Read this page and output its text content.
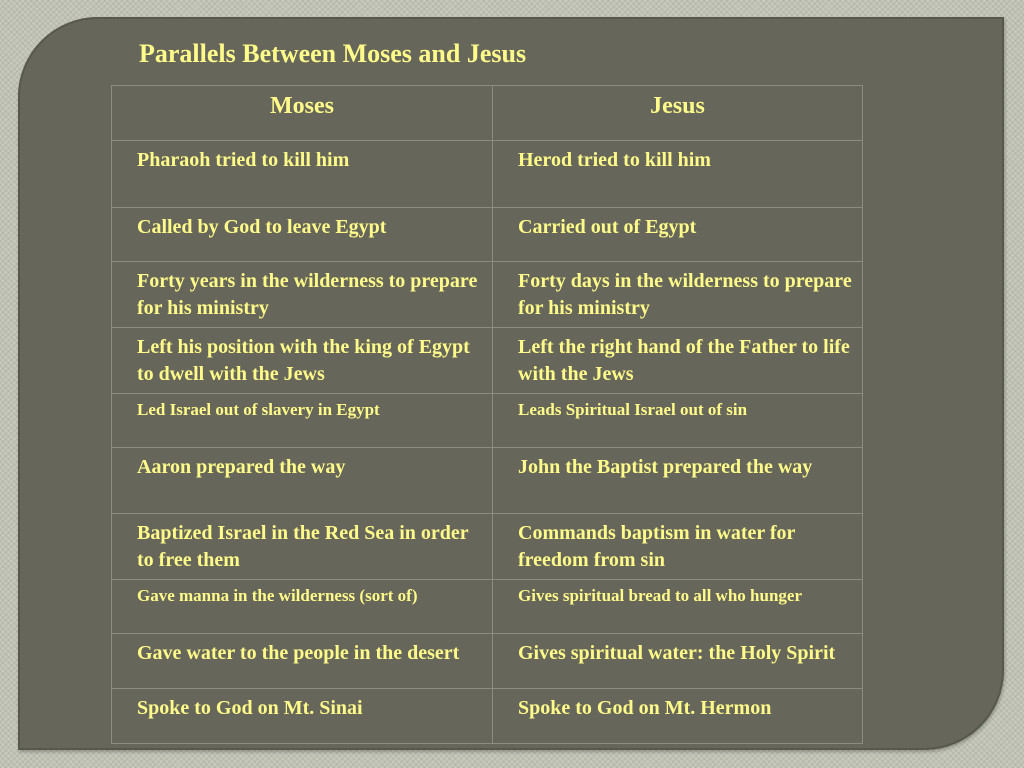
Parallels Between Moses and Jesus
Moses	Jesus

Pharaoh tried to kill him	Herod tried to kill him

Called by God to leave Egypt	Carried out of Egypt

Forty years in the wilderness to prepare for his ministry	Forty days in the wilderness to prepare for his ministry

Left his position with the king of Egypt to dwell with the Jews	Left the right hand of the Father to life with the Jews

Led Israel out of slavery in Egypt	Leads Spiritual Israel out of sin

Aaron prepared the way	John the Baptist prepared the way

Baptized Israel in the Red Sea in order to free them	Commands baptism in water for freedom from sin

Gave manna in the wilderness (sort of)	Gives spiritual bread to all who hunger

Gave water to the people in the desert	Gives spiritual water: the Holy Spirit

Spoke to God on Mt. Sinai	Spoke to God on Mt. Hermon
